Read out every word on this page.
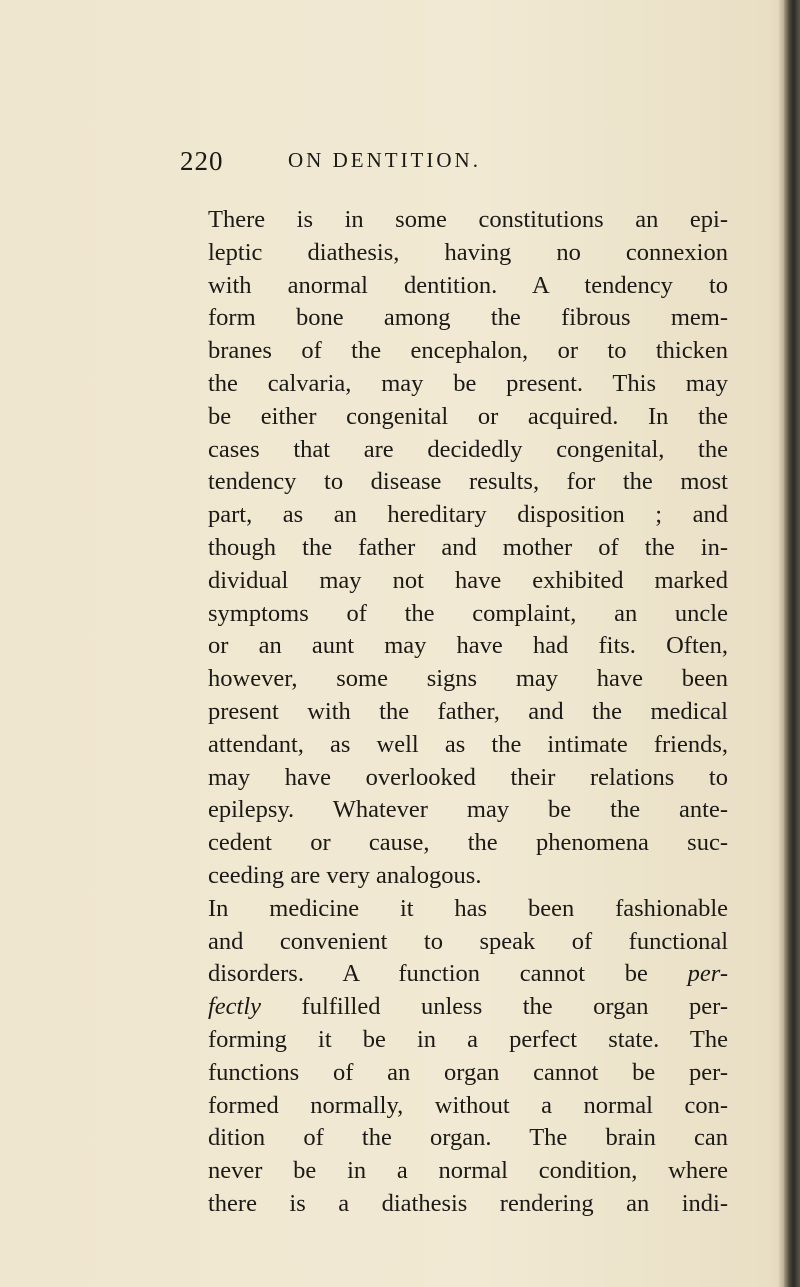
220	ON DENTITION.
There is in some constitutions an epi-
leptic diathesis, having no connexion
with anormal dentition. A tendency to
form bone among the fibrous mem-
branes of the encephalon, or to thicken
the calvaria, may be present. This may
be either congenital or acquired. In the
cases that are decidedly congenital, the
tendency to disease results, for the most
part, as an hereditary disposition ; and
though the father and mother of the in-
dividual may not have exhibited marked
symptoms of the complaint, an uncle
or an aunt may have had fits. Often,
however, some signs may have been
present with the father, and the medical
attendant, as well as the intimate friends,
may have overlooked their relations to
epilepsy. Whatever may be the ante-
cedent or cause, the phenomena suc-
ceeding are very analogous.
In medicine it has been fashionable
and convenient to speak of functional
disorders. A function cannot be per-
fectly fulfilled unless the organ per-
forming it be in a perfect state. The
functions of an organ cannot be per-
formed normally, without a normal con-
dition of the organ. The brain can
never be in a normal condition, where
there is a diathesis rendering an indi-
